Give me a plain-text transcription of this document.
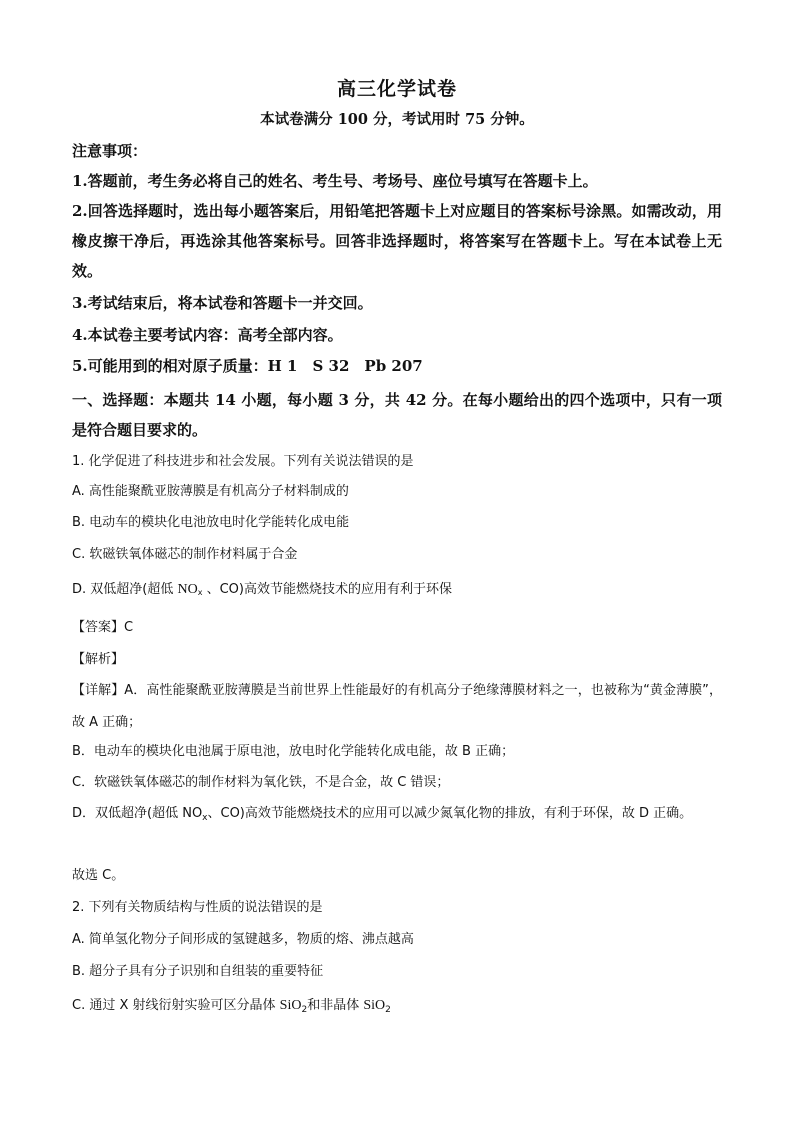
高三化学试卷
本试卷满分 100 分，考试用时 75 分钟。
注意事项：
1.答题前，考生务必将自己的姓名、考生号、考场号、座位号填写在答题卡上。
2.回答选择题时，选出每小题答案后，用铅笔把答题卡上对应题目的答案标号涂黑。如需改动，用橡皮擦干净后，再选涂其他答案标号。回答非选择题时，将答案写在答题卡上。写在本试卷上无效。
3.考试结束后，将本试卷和答题卡一并交回。
4.本试卷主要考试内容：高考全部内容。
5.可能用到的相对原子质量：H 1　S 32　Pb 207
一、选择题：本题共 14 小题，每小题 3 分，共 42 分。在每小题给出的四个选项中，只有一项是符合题目要求的。
1. 化学促进了科技进步和社会发展。下列有关说法错误的是
A. 高性能聚酰亚胺薄膜是有机高分子材料制成的
B. 电动车的模块化电池放电时化学能转化成电能
C. 软磁铁氧体磁芯的制作材料属于合金
D. 双低超净(超低 NOx 、CO)高效节能燃烧技术的应用有利于环保
【答案】C
【解析】
【详解】A．高性能聚酰亚胺薄膜是当前世界上性能最好的有机高分子绝缘薄膜材料之一，也被称为“黄金薄膜”，故 A 正确；
B．电动车的模块化电池属于原电池，放电时化学能转化成电能，故 B 正确；
C．软磁铁氧体磁芯的制作材料为氧化铁，不是合金，故 C 错误；
D．双低超净(超低 $NO_x$、CO)高效节能燃烧技术的应用可以减少氮氧化物的排放，有利于环保，故 D 正确。
故选 C。
2. 下列有关物质结构与性质的说法错误的是
A. 简单氢化物分子间形成的氢键越多，物质的熔、沸点越高
B. 超分子具有分子识别和自组装的重要特征
C. 通过 X 射线衍射实验可区分晶体 SiO$_2$和非晶体 SiO$_2$
